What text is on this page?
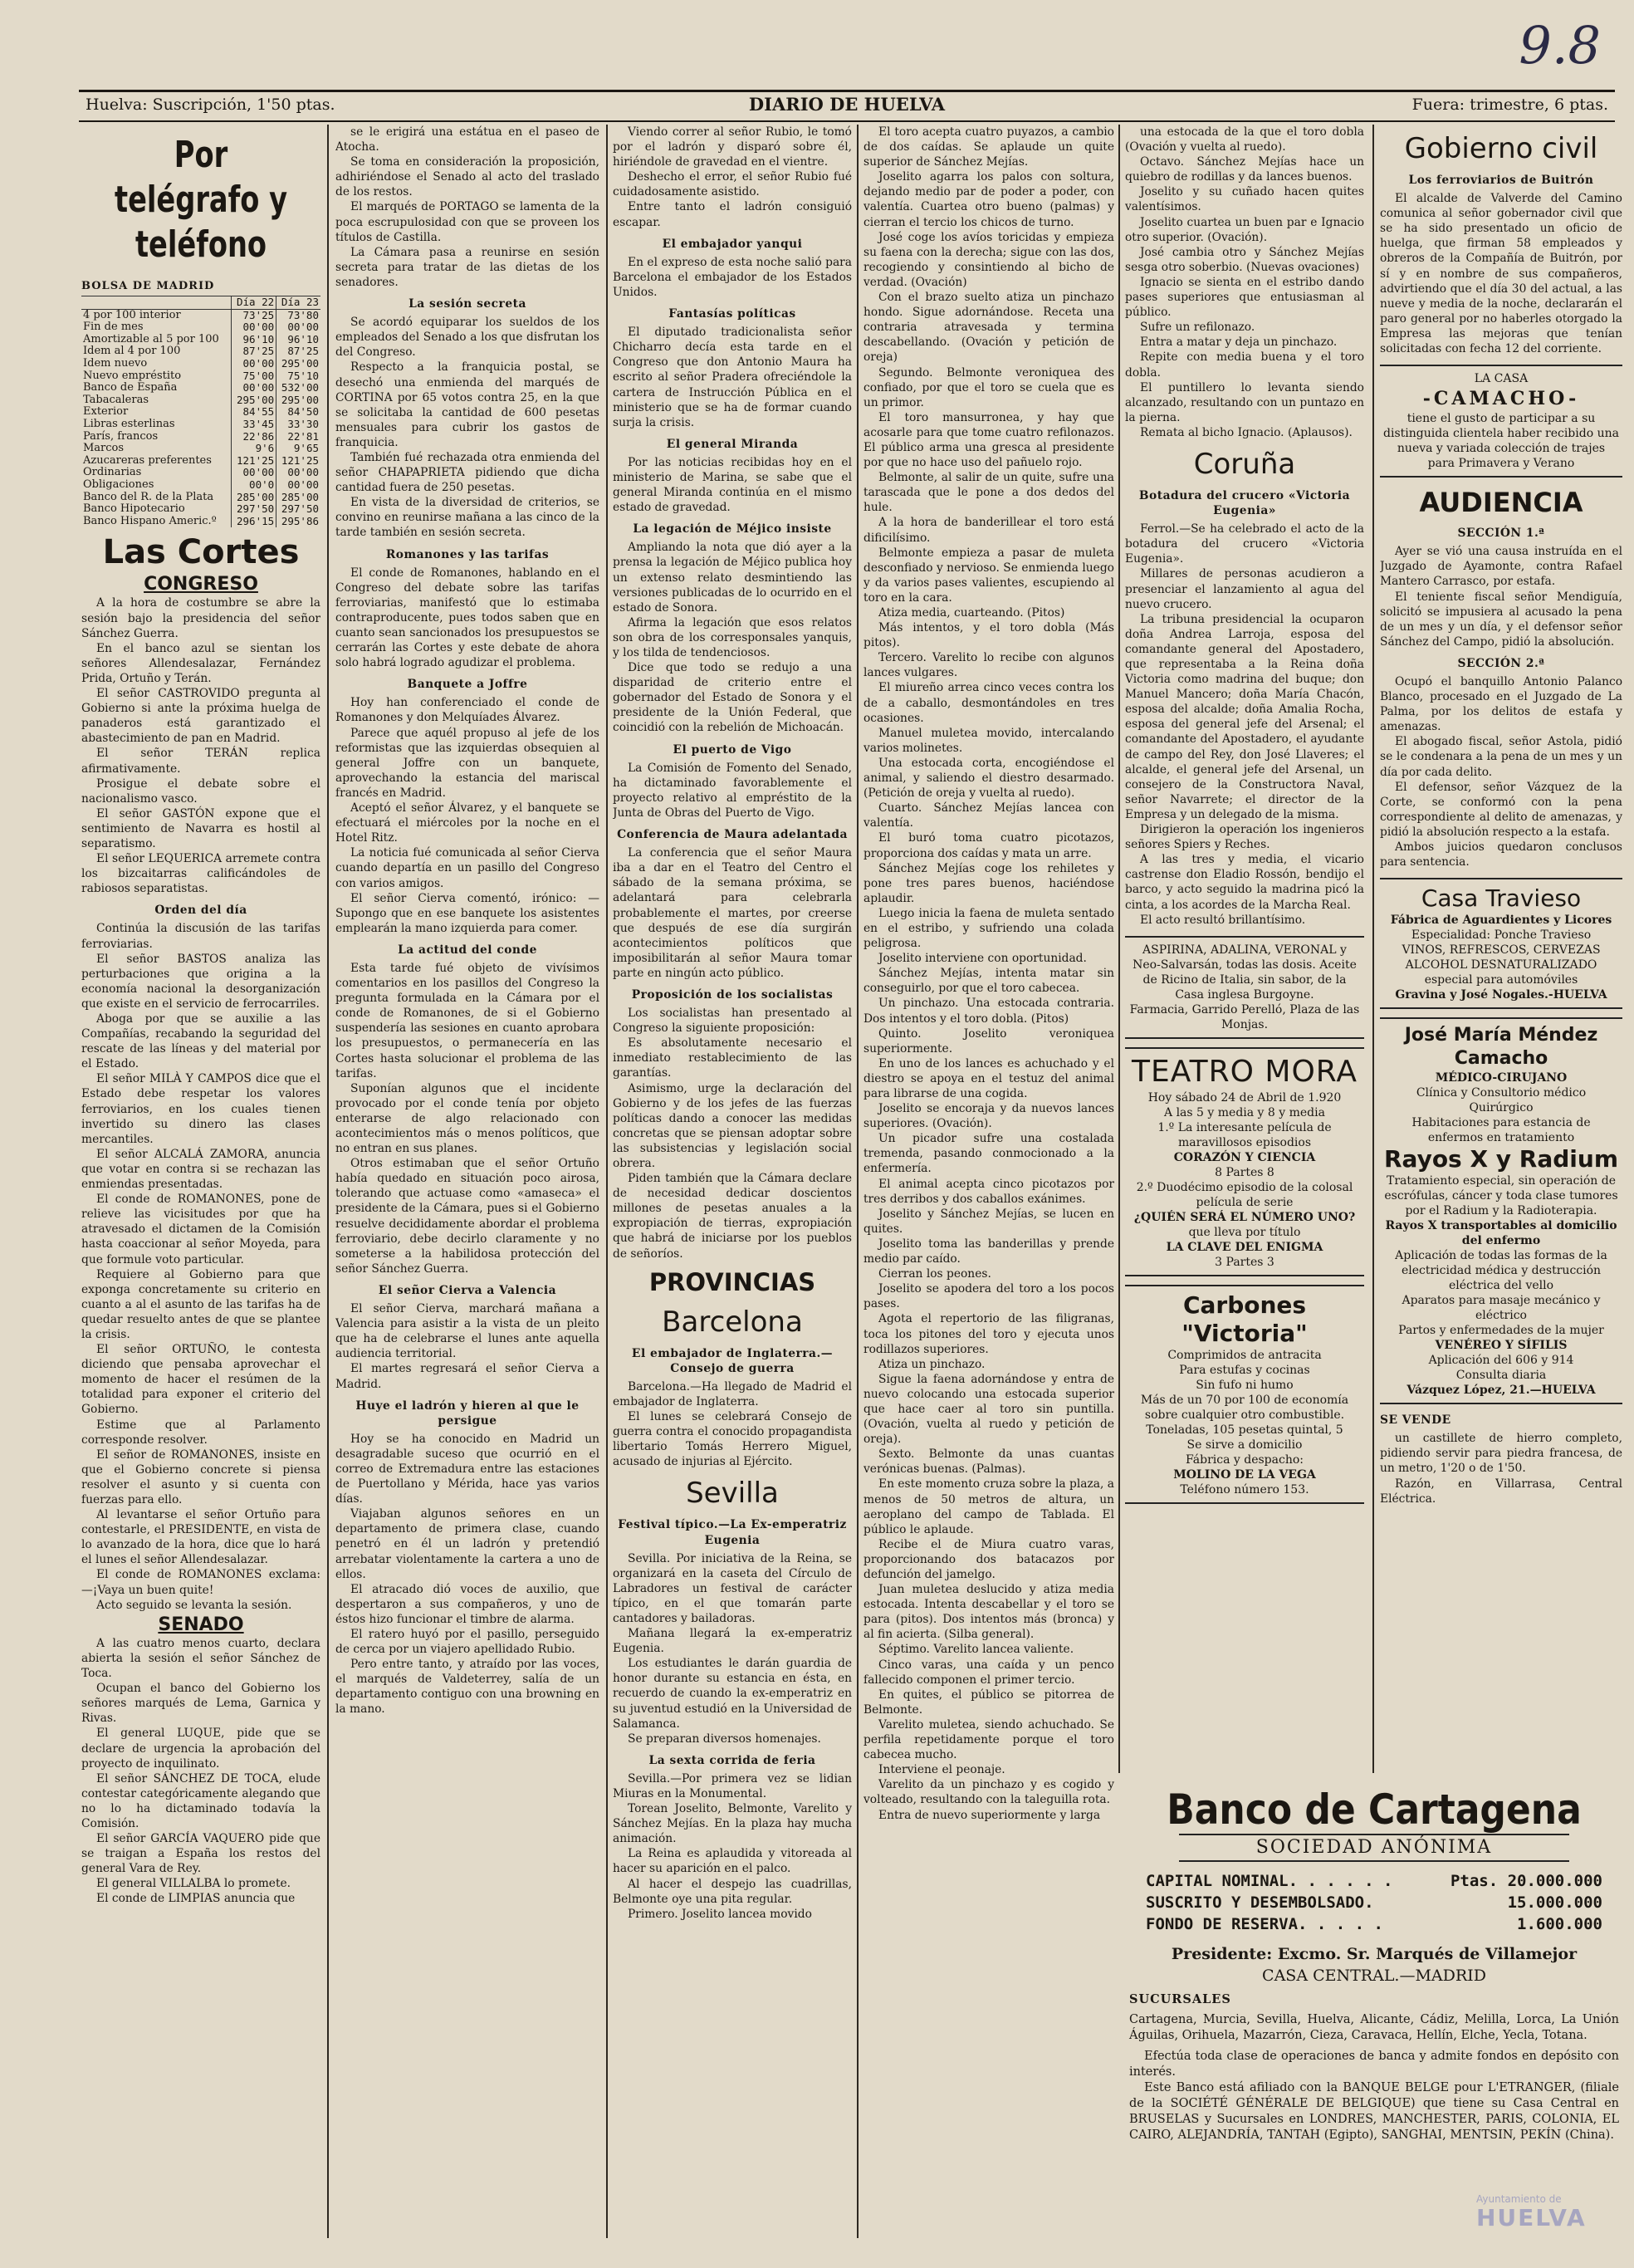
9.8
Huelva: Suscripción, 1'50 ptas.	DIARIO DE HUELVA	Fuera: trimestre, 6 ptas.
Por telégrafo y teléfono
BOLSA DE MADRID
	Día 22	Día 23
4 por 100 interior	73'25	73'80
Fin de mes	00'00	00'00
Amortizable al 5 por 100	96'10	96'10
Idem al 4 por 100	87'25	87'25
Idem nuevo	00'00	295'00
Nuevo empréstito	75'00	75'10
Banco de España	00'00	532'00
Tabacaleras	295'00	295'00
Exterior	84'55	84'50
Libras esterlinas	33'45	33'30
París, francos	22'86	22'81
Marcos	9'6	9'65
Azucareras preferentes	121'25	121'25
Ordinarias	00'00	00'00
Obligaciones	00'0	00'00
Banco del R. de la Plata	285'00	285'00
Banco Hipotecario	297'50	297'50
Banco Hispano Americ.º	296'15	295'86
Las Cortes
CONGRESO

A la hora de costumbre se abre la sesión bajo la presidencia del señor Sánchez Guerra.

En el banco azul se sientan los señores Allendesalazar, Fernández Prida, Ortuño y Terán.

El señor CASTROVIDO pregunta al Gobierno si ante la próxima huelga de panaderos está garantizado el abastecimiento de pan en Madrid.

El señor TERÁN replica afirmativamente.

Prosigue el debate sobre el nacionalismo vasco.

El señor GASTÓN expone que el sentimiento de Navarra es hostil al separatismo.

El señor LEQUERICA arremete contra los bizcaitarras calificándoles de rabiosos separatistas.

Orden del día

Continúa la discusión de las tarifas ferroviarias.

El señor BASTOS analiza las perturbaciones que origina a la economía nacional la desorganización que existe en el servicio de ferrocarriles.

Aboga por que se auxilie a las Compañías, recabando la seguridad del rescate de las líneas y del material por el Estado.

El señor MILÀ Y CAMPOS dice que el Estado debe respetar los valores ferroviarios, en los cuales tienen invertido su dinero las clases mercantiles.

El señor ALCALÁ ZAMORA, anuncia que votar en contra si se rechazan las enmiendas presentadas.

El conde de ROMANONES, pone de relieve las vicisitudes por que ha atravesado el dictamen de la Comisión hasta coaccionar al señor Moyeda, para que formule voto particular.

Requiere al Gobierno para que exponga concretamente su criterio en cuanto a al el asunto de las tarifas ha de quedar resuelto antes de que se plantee la crisis.

El señor ORTUÑO, le contesta diciendo que pensaba aprovechar el momento de hacer el resúmen de la totalidad para exponer el criterio del Gobierno.

Estime que al Parlamento corresponde resolver.

El señor de ROMANONES, insiste en que el Gobierno concrete si piensa resolver el asunto y si cuenta con fuerzas para ello.

Al levantarse el señor Ortuño para contestarle, el PRESIDENTE, en vista de lo avanzado de la hora, dice que lo hará el lunes el señor Allendesalazar.

El conde de ROMANONES exclama: —¡Vaya un buen quite!

Acto seguido se levanta la sesión.

SENADO

A las cuatro menos cuarto, declara abierta la sesión el señor Sánchez de Toca.

Ocupan el banco del Gobierno los señores marqués de Lema, Garnica y Rivas.

El general LUQUE, pide que se declare de urgencia la aprobación del proyecto de inquilinato.

El señor SÁNCHEZ DE TOCA, elude contestar categóricamente alegando que no lo ha dictaminado todavía la Comisión.

El señor GARCÍA VAQUERO pide que se traigan a España los restos del general Vara de Rey.

El general VILLALBA lo promete.

El conde de LIMPIAS anuncia que

se le erigirá una estátua en el paseo de Atocha.

Se toma en consideración la proposición, adhiriéndose el Senado al acto del traslado de los restos.

El marqués de PORTAGO se lamenta de la poca escrupulosidad con que se proveen los títulos de Castilla.

La Cámara pasa a reunirse en sesión secreta para tratar de las dietas de los senadores.

La sesión secreta

Se acordó equiparar los sueldos de los empleados del Senado a los que disfrutan los del Congreso.

Respecto a la franquicia postal, se desechó una enmienda del marqués de CORTINA por 65 votos contra 25, en la que se solicitaba la cantidad de 600 pesetas mensuales para cubrir los gastos de franquicia.

También fué rechazada otra enmienda del señor CHAPAPRIETA pidiendo que dicha cantidad fuera de 250 pesetas.

En vista de la diversidad de criterios, se convino en reunirse mañana a las cinco de la tarde también en sesión secreta.

Romanones y las tarifas

El conde de Romanones, hablando en el Congreso del debate sobre las tarifas ferroviarias, manifestó que lo estimaba contraproducente, pues todos saben que en cuanto sean sancionados los presupuestos se cerrarán las Cortes y este debate de ahora solo habrá logrado agudizar el problema.

Banquete a Joffre

Hoy han conferenciado el conde de Romanones y don Melquíades Álvarez.

Parece que aquél propuso al jefe de los reformistas que las izquierdas obsequien al general Joffre con un banquete, aprovechando la estancia del mariscal francés en Madrid.

Aceptó el señor Álvarez, y el banquete se efectuará el miércoles por la noche en el Hotel Ritz.

La noticia fué comunicada al señor Cierva cuando departía en un pasillo del Congreso con varios amigos.

El señor Cierva comentó, irónico: —Supongo que en ese banquete los asistentes emplearán la mano izquierda para comer.

La actitud del conde

Esta tarde fué objeto de vivísimos comentarios en los pasillos del Congreso la pregunta formulada en la Cámara por el conde de Romanones, de si el Gobierno suspendería las sesiones en cuanto aprobara los presupuestos, o permanecería en las Cortes hasta solucionar el problema de las tarifas.

Suponían algunos que el incidente provocado por el conde tenía por objeto enterarse de algo relacionado con acontecimientos más o menos políticos, que no entran en sus planes.

Otros estimaban que el señor Ortuño había quedado en situación poco airosa, tolerando que actuase como «amaseca» el presidente de la Cámara, pues si el Gobierno resuelve decididamente abordar el problema ferroviario, debe decirlo claramente y no someterse a la habilidosa protección del señor Sánchez Guerra.

El señor Cierva a Valencia

El señor Cierva, marchará mañana a Valencia para asistir a la vista de un pleito que ha de celebrarse el lunes ante aquella audiencia territorial.

El martes regresará el señor Cierva a Madrid.

Huye el ladrón y hieren al que le persigue

Hoy se ha conocido en Madrid un desagradable suceso que ocurrió en el correo de Extremadura entre las estaciones de Puertollano y Mérida, hace yas varios días.

Viajaban algunos señores en un departamento de primera clase, cuando penetró en él un ladrón y pretendió arrebatar violentamente la cartera a uno de ellos.

El atracado dió voces de auxilio, que despertaron a sus compañeros, y uno de éstos hizo funcionar el timbre de alarma.

El ratero huyó por el pasillo, perseguido de cerca por un viajero apellidado Rubio.

Pero entre tanto, y atraído por las voces, el marqués de Valdeterrey, salía de un departamento contiguo con una browning en la mano.

Viendo correr al señor Rubio, le tomó por el ladrón y disparó sobre él, hiriéndole de gravedad en el vientre.

Deshecho el error, el señor Rubio fué cuidadosamente asistido.

Entre tanto el ladrón consiguió escapar.

El embajador yanqui

En el expreso de esta noche salió para Barcelona el embajador de los Estados Unidos.

Fantasías políticas

El diputado tradicionalista señor Chicharro decía esta tarde en el Congreso que don Antonio Maura ha escrito al señor Pradera ofreciéndole la cartera de Instrucción Pública en el ministerio que se ha de formar cuando surja la crisis.

El general Miranda

Por las noticias recibidas hoy en el ministerio de Marina, se sabe que el general Miranda continúa en el mismo estado de gravedad.

La legación de Méjico insiste

Ampliando la nota que dió ayer a la prensa la legación de Méjico publica hoy un extenso relato desmintiendo las versiones publicadas de lo ocurrido en el estado de Sonora.

Afirma la legación que esos relatos son obra de los corresponsales yanquis, y los tilda de tendenciosos.

Dice que todo se redujo a una disparidad de criterio entre el gobernador del Estado de Sonora y el presidente de la Unión Federal, que coincidió con la rebelión de Michoacán.

El puerto de Vigo

La Comisión de Fomento del Senado, ha dictaminado favorablemente el proyecto relativo al empréstito de la Junta de Obras del Puerto de Vigo.

Conferencia de Maura adelantada

La conferencia que el señor Maura iba a dar en el Teatro del Centro el sábado de la semana próxima, se adelantará para celebrarla probablemente el martes, por creerse que después de ese día surgirán acontecimientos políticos que imposibilitarán al señor Maura tomar parte en ningún acto público.

Proposición de los socialistas

Los socialistas han presentado al Congreso la siguiente proposición:

Es absolutamente necesario el inmediato restablecimiento de las garantías.

Asimismo, urge la declaración del Gobierno y de los jefes de las fuerzas políticas dando a conocer las medidas concretas que se piensan adoptar sobre las subsistencias y legislación social obrera.

Piden también que la Cámara declare de necesidad dedicar doscientos millones de pesetas anuales a la expropiación de tierras, expropiación que habrá de iniciarse por los pueblos de señoríos.

PROVINCIAS
Barcelona
El embajador de Inglaterra.— Consejo de guerra

Barcelona.—Ha llegado de Madrid el embajador de Inglaterra.

El lunes se celebrará Consejo de guerra contra el conocido propagandista libertario Tomás Herrero Miguel, acusado de injurias al Ejército.

Sevilla
Festival típico.—La Ex-emperatriz Eugenia

Sevilla. Por iniciativa de la Reina, se organizará en la caseta del Círculo de Labradores un festival de carácter típico, en el que tomarán parte cantadores y bailadoras.

Mañana llegará la ex-emperatriz Eugenia.

Los estudiantes le darán guardia de honor durante su estancia en ésta, en recuerdo de cuando la ex-emperatriz en su juventud estudió en la Universidad de Salamanca.

Se preparan diversos homenajes.

La sexta corrida de feria

Sevilla.—Por primera vez se lidian Miuras en la Monumental.

Torean Joselito, Belmonte, Varelito y Sánchez Mejías. En la plaza hay mucha animación.

La Reina es aplaudida y vitoreada al hacer su aparición en el palco.

Al hacer el despejo las cuadrillas, Belmonte oye una pita regular.

Primero. Joselito lancea movido

El toro acepta cuatro puyazos, a cambio de dos caídas. Se aplaude un quite superior de Sánchez Mejías.

Joselito agarra los palos con soltura, dejando medio par de poder a poder, con valentía. Cuartea otro bueno (palmas) y cierran el tercio los chicos de turno.

José coge los avíos toricidas y empieza su faena con la derecha; sigue con las dos, recogiendo y consintiendo al bicho de verdad. (Ovación)

Con el brazo suelto atiza un pinchazo hondo. Sigue adornándose. Receta una contraria atravesada y termina descabellando. (Ovación y petición de oreja)

Segundo. Belmonte veroniquea des confiado, por que el toro se cuela que es un primor.

El toro mansurronea, y hay que acosarle para que tome cuatro refilonazos. El público arma una gresca al presidente por que no hace uso del pañuelo rojo.

Belmonte, al salir de un quite, sufre una tarascada que le pone a dos dedos del hule.

A la hora de banderillear el toro está dificilísimo.

Belmonte empieza a pasar de muleta desconfiado y nervioso. Se enmienda luego y da varios pases valientes, escupiendo al toro en la cara.

Atiza media, cuarteando. (Pitos)

Más intentos, y el toro dobla (Más pitos).

Tercero. Varelito lo recibe con algunos lances vulgares.

El miureño arrea cinco veces contra los de a caballo, desmontándoles en tres ocasiones.

Manuel muletea movido, intercalando varios molinetes.

Una estocada corta, encogiéndose el animal, y saliendo el diestro desarmado. (Petición de oreja y vuelta al ruedo).

Cuarto. Sánchez Mejías lancea con valentía.

El buró toma cuatro picotazos, proporciona dos caídas y mata un arre.

Sánchez Mejías coge los rehiletes y pone tres pares buenos, haciéndose aplaudir.

Luego inicia la faena de muleta sentado en el estribo, y sufriendo una colada peligrosa.

Joselito interviene con oportunidad.

Sánchez Mejías, intenta matar sin conseguirlo, por que el toro cabecea.

Un pinchazo. Una estocada contraria. Dos intentos y el toro dobla. (Pitos)

Quinto. Joselito veroniquea superiormente.

En uno de los lances es achuchado y el diestro se apoya en el testuz del animal para librarse de una cogida.

Joselito se encoraja y da nuevos lances superiores. (Ovación).

Un picador sufre una costalada tremenda, pasando conmocionado a la enfermería.

El animal acepta cinco picotazos por tres derribos y dos caballos exánimes.

Joselito y Sánchez Mejías, se lucen en quites.

Joselito toma las banderillas y prende medio par caído.

Cierran los peones.

Joselito se apodera del toro a los pocos pases.

Agota el repertorio de las filigranas, toca los pitones del toro y ejecuta unos rodillazos superiores.

Atiza un pinchazo.

Sigue la faena adornándose y entra de nuevo colocando una estocada superior que hace caer al toro sin puntilla. (Ovación, vuelta al ruedo y petición de oreja).

Sexto. Belmonte da unas cuantas verónicas buenas. (Palmas).

En este momento cruza sobre la plaza, a menos de 50 metros de altura, un aeroplano del campo de Tablada. El público le aplaude.

Recibe el de Miura cuatro varas, proporcionando dos batacazos por defunción del jamelgo.

Juan muletea deslucido y atiza media estocada. Intenta descabellar y el toro se para (pitos). Dos intentos más (bronca) y al fin acierta. (Silba general).

Séptimo. Varelito lancea valiente.

Cinco varas, una caída y un penco fallecido componen el primer tercio.

En quites, el público se pitorrea de Belmonte.

Varelito muletea, siendo achuchado. Se perfila repetidamente porque el toro cabecea mucho.

Interviene el peonaje.

Varelito da un pinchazo y es cogido y volteado, resultando con la taleguilla rota.

Entra de nuevo superiormente y larga

una estocada de la que el toro dobla (Ovación y vuelta al ruedo).

Octavo. Sánchez Mejías hace un quiebro de rodillas y da lances buenos.

Joselito y su cuñado hacen quites valentísimos.

Joselito cuartea un buen par e Ignacio otro superior. (Ovación).

José cambia otro y Sánchez Mejías sesga otro soberbio. (Nuevas ovaciones)

Ignacio se sienta en el estribo dando pases superiores que entusiasman al público.

Sufre un refilonazo.

Entra a matar y deja un pinchazo.

Repite con media buena y el toro dobla.

El puntillero lo levanta siendo alcanzado, resultando con un puntazo en la pierna.

Remata al bicho Ignacio. (Aplausos).

Coruña
Botadura del crucero «Victoria Eugenia»

Ferrol.—Se ha celebrado el acto de la botadura del crucero «Victoria Eugenia».

Millares de personas acudieron a presenciar el lanzamiento al agua del nuevo crucero.

La tribuna presidencial la ocuparon doña Andrea Larroja, esposa del comandante general del Apostadero, que representaba a la Reina doña Victoria como madrina del buque; don Manuel Mancero; doña María Chacón, esposa del alcalde; doña Amalia Rocha, esposa del general jefe del Arsenal; el comandante del Apostadero, el ayudante de campo del Rey, don José Llaveres; el alcalde, el general jefe del Arsenal, un consejero de la Constructora Naval, señor Navarrete; el director de la Empresa y un delegado de la misma.

Dirigieron la operación los ingenieros señores Spiers y Reches.

A las tres y media, el vicario castrense don Eladio Rossón, bendijo el barco, y acto seguido la madrina picó la cinta, a los acordes de la Marcha Real.

El acto resultó brillantísimo.

ASPIRINA, ADALINA, VERONAL y Neo-Salvarsán, todas las dosis. Aceite de Ricino de Italia, sin sabor, de la Casa inglesa Burgoyne.
Farmacia, Garrido Perelló, Plaza de las Monjas.
TEATRO MORA
Hoy sábado 24 de Abril de 1.920
A las 5 y media y 8 y media
1.º La interesante película de maravillosos episodios
CORAZÓN Y CIENCIA
8 Partes 8
2.º Duodécimo episodio de la colosal película de serie
¿QUIÉN SERÁ EL NÚMERO UNO?
que lleva por título
LA CLAVE DEL ENIGMA
3 Partes 3
Carbones "Victoria"
Comprimidos de antracita
Para estufas y cocinas
Sin fufo ni humo
Más de un 70 por 100 de economía sobre cualquier otro combustible.
Toneladas, 105 pesetas quintal, 5
Se sirve a domicilio
Fábrica y despacho:
MOLINO DE LA VEGA
Teléfono número 153.
Gobierno civil
Los ferroviarios de Buitrón

El alcalde de Valverde del Camino comunica al señor gobernador civil que se ha sido presentado un oficio de huelga, que firman 58 empleados y obreros de la Compañía de Buitrón, por sí y en nombre de sus compañeros, advirtiendo que el día 30 del actual, a las nueve y media de la noche, declararán el paro general por no haberles otorgado la Empresa las mejoras que tenían solicitadas con fecha 12 del corriente.

LA CASA
-CAMACHO-
tiene el gusto de participar a su distinguida clientela haber recibido una nueva y variada colección de trajes para Primavera y Verano
AUDIENCIA
SECCIÓN 1.ª

Ayer se vió una causa instruída en el Juzgado de Ayamonte, contra Rafael Mantero Carrasco, por estafa.

El teniente fiscal señor Mendiguía, solicitó se impusiera al acusado la pena de un mes y un día, y el defensor señor Sánchez del Campo, pidió la absolución.

SECCIÓN 2.ª

Ocupó el banquillo Antonio Palanco Blanco, procesado en el Juzgado de La Palma, por los delitos de estafa y amenazas.

El abogado fiscal, señor Astola, pidió se le condenara a la pena de un mes y un día por cada delito.

El defensor, señor Vázquez de la Corte, se conformó con la pena correspondiente al delito de amenazas, y pidió la absolución respecto a la estafa.

Ambos juicios quedaron conclusos para sentencia.

Casa Travieso
Fábrica de Aguardientes y Licores
Especialidad: Ponche Travieso
VINOS, REFRESCOS, CERVEZAS
ALCOHOL DESNATURALIZADO
especial para automóviles
Gravina y José Nogales.-HUELVA
José María Méndez Camacho
MÉDICO-CIRUJANO
Clínica y Consultorio médico Quirúrgico
Habitaciones para estancia de enfermos en tratamiento
Rayos X y Radium
Tratamiento especial, sin operación de escrófulas, cáncer y toda clase tumores por el Radium y la Radioterapia.
Rayos X transportables al domicilio del enfermo
Aplicación de todas las formas de la electricidad médica y destrucción eléctrica del vello
Aparatos para masaje mecánico y eléctrico
Partos y enfermedades de la mujer
VENÉREO Y SÍFILIS
Aplicación del 606 y 914
Consulta diaria
Vázquez López, 21.—HUELVA
SE VENDE

un castillete de hierro completo, pidiendo servir para piedra francesa, de un metro, 1'20 o de 1'50.

Razón, en Villarrasa, Central Eléctrica.

Banco de Cartagena
SOCIEDAD ANÓNIMA
CAPITAL NOMINAL. . . . . .	Ptas. 20.000.000
SUSCRITO Y DESEMBOLSADO.	15.000.000
FONDO DE RESERVA. . . . .	1.600.000
Presidente: Excmo. Sr. Marqués de Villamejor
CASA CENTRAL.—MADRID
SUCURSALES
Cartagena, Murcia, Sevilla, Huelva, Alicante, Cádiz, Melilla, Lorca, La Unión Águilas, Orihuela, Mazarrón, Cieza, Caravaca, Hellín, Elche, Yecla, Totana.
Efectúa toda clase de operaciones de banca y admite fondos en depósito con interés.
Este Banco está afiliado con la BANQUE BELGE pour L'ETRANGER, (filiale de la SOCIÉTÉ GÉNÉRALE DE BELGIQUE) que tiene su Casa Central en BRUSELAS y Sucursales en LONDRES, MANCHESTER, PARIS, COLONIA, EL CAIRO, ALEJANDRÍA, TANTAH (Egipto), SANGHAI, MENTSIN, PEKÍN (China).
Ayuntamiento de
HUELVA
